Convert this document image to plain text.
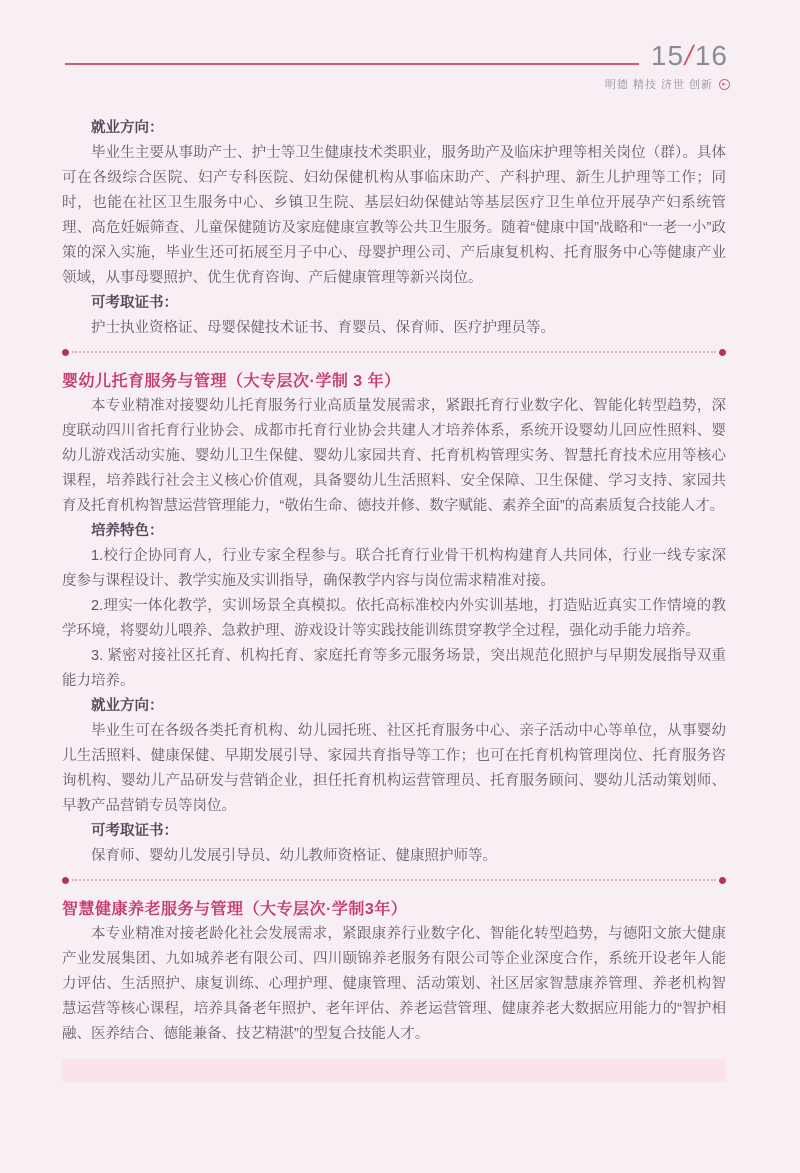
15/16
明德 精技 济世 创新	▸

就业方向：

毕业生主要从事助产士、护士等卫生健康技术类职业，服务助产及临床护理等相关岗位（群）。具体可在各级综合医院、妇产专科医院、妇幼保健机构从事临床助产、产科护理、新生儿护理等工作；同时，也能在社区卫生服务中心、乡镇卫生院、基层妇幼保健站等基层医疗卫生单位开展孕产妇系统管理、高危妊娠筛查、儿童保健随访及家庭健康宣教等公共卫生服务。随着“健康中国”战略和“一老一小”政策的深入实施，毕业生还可拓展至月子中心、母婴护理公司、产后康复机构、托育服务中心等健康产业领域，从事母婴照护、优生优育咨询、产后健康管理等新兴岗位。

可考取证书：

护士执业资格证、母婴保健技术证书、育婴员、保育师、医疗护理员等。

婴幼儿托育服务与管理（大专层次·学制 3 年）

本专业精准对接婴幼儿托育服务行业高质量发展需求，紧跟托育行业数字化、智能化转型趋势，深度联动四川省托育行业协会、成都市托育行业协会共建人才培养体系，系统开设婴幼儿回应性照料、婴幼儿游戏活动实施、婴幼儿卫生保健、婴幼儿家园共育、托育机构管理实务、智慧托育技术应用等核心课程，培养践行社会主义核心价值观，具备婴幼儿生活照料、安全保障、卫生保健、学习支持、家园共育及托育机构智慧运营管理能力，“敬佑生命、德技并修、数字赋能、素养全面”的高素质复合技能人才。

培养特色：

1.校行企协同育人，行业专家全程参与。联合托育行业骨干机构构建育人共同体，行业一线专家深度参与课程设计、教学实施及实训指导，确保教学内容与岗位需求精准对接。

2.理实一体化教学，实训场景全真模拟。依托高标准校内外实训基地，打造贴近真实工作情境的教学环境，将婴幼儿喂养、急救护理、游戏设计等实践技能训练贯穿教学全过程，强化动手能力培养。

3. 紧密对接社区托育、机构托育、家庭托育等多元服务场景，突出规范化照护与早期发展指导双重能力培养。

就业方向：

毕业生可在各级各类托育机构、幼儿园托班、社区托育服务中心、亲子活动中心等单位，从事婴幼儿生活照料、健康保健、早期发展引导、家园共育指导等工作；也可在托育机构管理岗位、托育服务咨询机构、婴幼儿产品研发与营销企业，担任托育机构运营管理员、托育服务顾问、婴幼儿活动策划师、早教产品营销专员等岗位。

可考取证书：

保育师、婴幼儿发展引导员、幼儿教师资格证、健康照护师等。

智慧健康养老服务与管理（大专层次·学制3年）

本专业精准对接老龄化社会发展需求，紧跟康养行业数字化、智能化转型趋势，与德阳文旅大健康产业发展集团、九如城养老有限公司、四川颐锦养老服务有限公司等企业深度合作，系统开设老年人能力评估、生活照护、康复训练、心理护理、健康管理、活动策划、社区居家智慧康养管理、养老机构智慧运营等核心课程，培养具备老年照护、老年评估、养老运营管理、健康养老大数据应用能力的“智护相融、医养结合、德能兼备、技艺精湛”的型复合技能人才。
